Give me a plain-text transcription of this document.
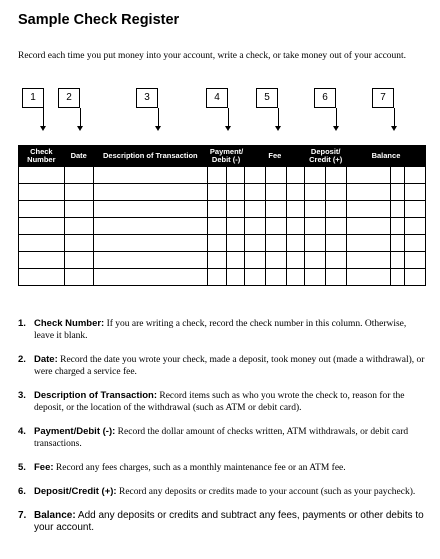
Sample Check Register
Record each time you put money into your account, write a check, or take money out of your account.
1	2	3	4	5	6	7
Check Number	Date	Description of Transaction	Payment/ Debit (-)		Fee			Deposit/ Credit (+)		Balance		

1. Check Number: If you are writing a check, record the check number in this column. Otherwise, leave it blank.
2. Date: Record the date you wrote your check, made a deposit, took money out (made a withdrawal), or were charged a service fee.
3. Description of Transaction: Record items such as who you wrote the check to, reason for the deposit, or the location of the withdrawal (such as ATM or debit card).
4. Payment/Debit (-): Record the dollar amount of checks written, ATM withdrawals, or debit card transactions.
5. Fee: Record any fees charges, such as a monthly maintenance fee or an ATM fee.
6. Deposit/Credit (+): Record any deposits or credits made to your account (such as your paycheck).
7. Balance: Add any deposits or credits and subtract any fees, payments or other debits to your account.
